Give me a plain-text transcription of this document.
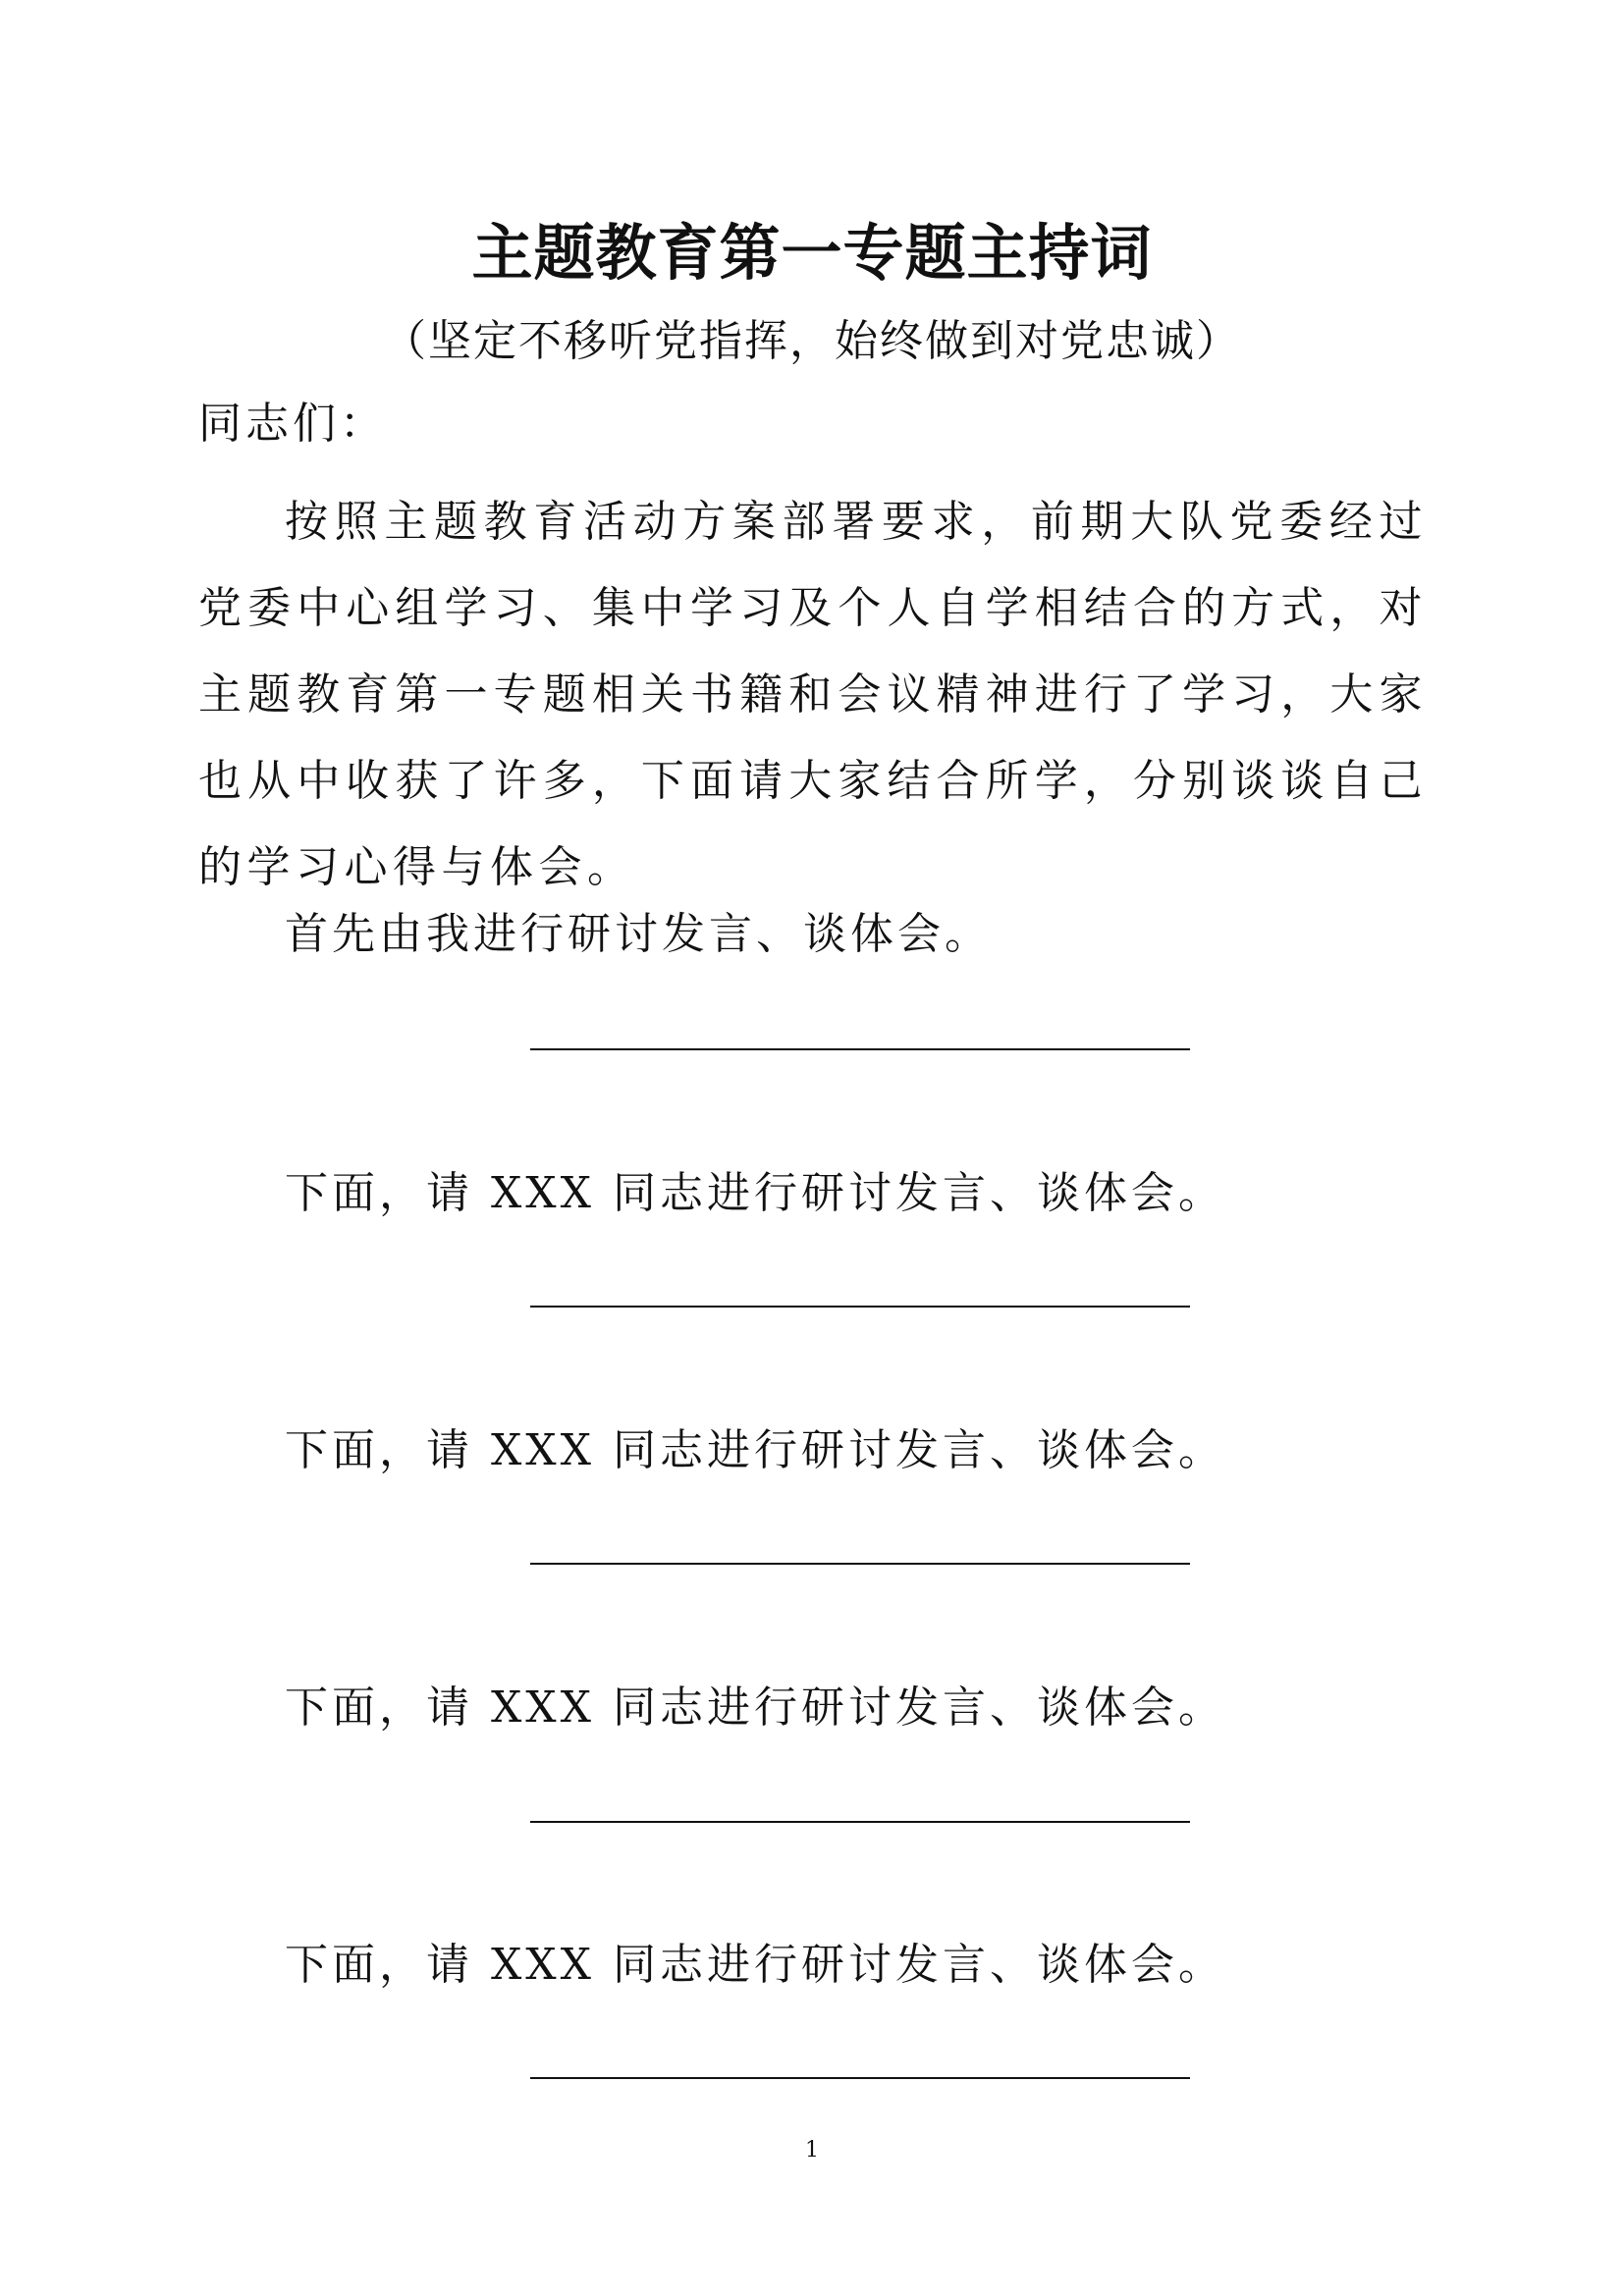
主题教育第一专题主持词
（坚定不移听党指挥，始终做到对党忠诚）
同志们：
按照主题教育活动方案部署要求，前期大队党委经过党委中心组学习、集中学习及个人自学相结合的方式，对主题教育第一专题相关书籍和会议精神进行了学习，大家也从中收获了许多，下面请大家结合所学，分别谈谈自己的学习心得与体会。
首先由我进行研讨发言、谈体会。
下面，请 XXX 同志进行研讨发言、谈体会。
下面，请 XXX 同志进行研讨发言、谈体会。
下面，请 XXX 同志进行研讨发言、谈体会。
下面，请 XXX 同志进行研讨发言、谈体会。
1
